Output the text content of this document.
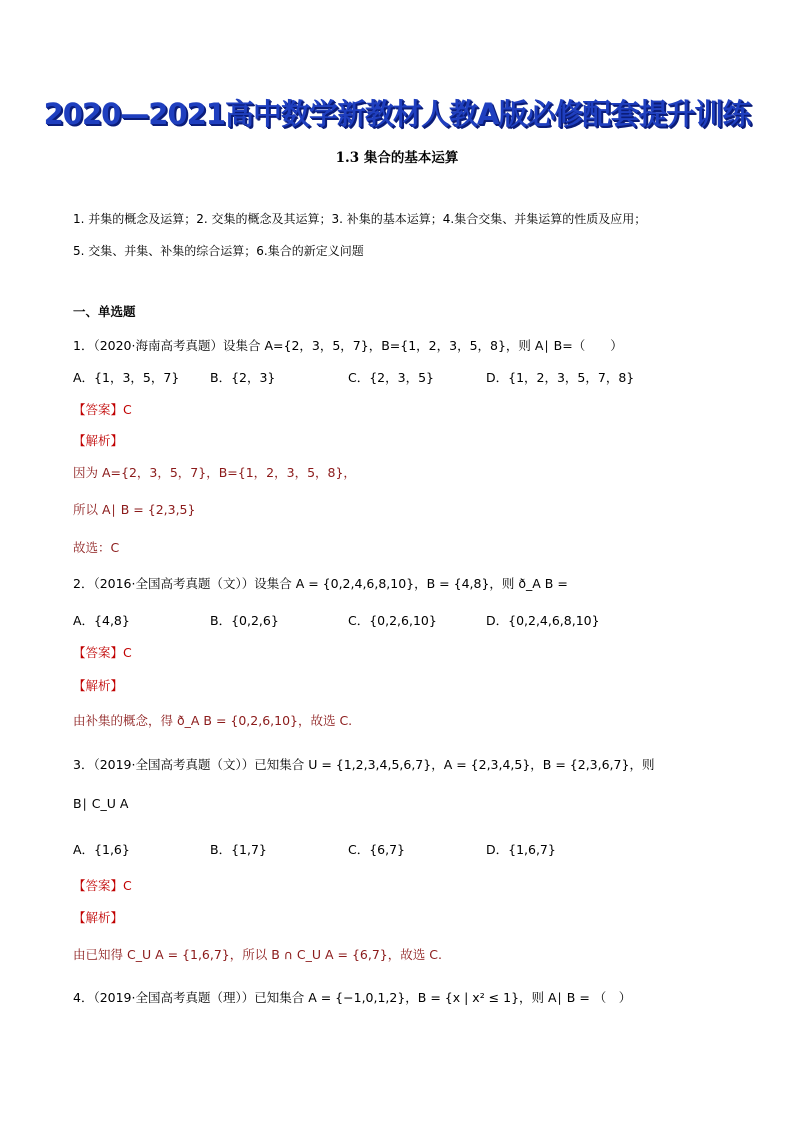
2020—2021高中数学新教材人教A版必修配套提升训练
1.3 集合的基本运算
1. 并集的概念及运算；2. 交集的概念及其运算；3. 补集的基本运算；4.集合交集、并集运算的性质及应用；
5. 交集、并集、补集的综合运算；6.集合的新定义问题
一、单选题
1．（2020·海南高考真题）设集合 A={2，3，5，7}，B={1，2，3，5，8}，则 A∣ B=（　　）
A．{1，3，5，7} B．{2，3}	C．{2，3，5}	D．{1，2，3，5，7，8}
【答案】C
【解析】
因为 A={2，3，5，7}，B={1，2，3，5，8}，
所以 A∣ B = {2,3,5}
故选：C
2．（2016·全国高考真题（文））设集合 A = {0,2,4,6,8,10}，B = {4,8}，则 ð_A B =
A．{4,8}	B．{0,2,6}	C．{0,2,6,10}	D．{0,2,4,6,8,10}
【答案】C
【解析】
由补集的概念，得 ð_A B = {0,2,6,10}，故选 C.
3．（2019·全国高考真题（文））已知集合 U = {1,2,3,4,5,6,7}，A = {2,3,4,5}，B = {2,3,6,7}，则
B∣ C_U A
A．{1,6}	B．{1,7}	C．{6,7}	D．{1,6,7}
【答案】C
【解析】
由已知得 C_U A = {1,6,7}，所以 B ∩ C_U A = {6,7}，故选 C.
4．（2019·全国高考真题（理））已知集合 A = {−1,0,1,2}，B = {x | x² ≤ 1}，则 A∣ B = （　）
